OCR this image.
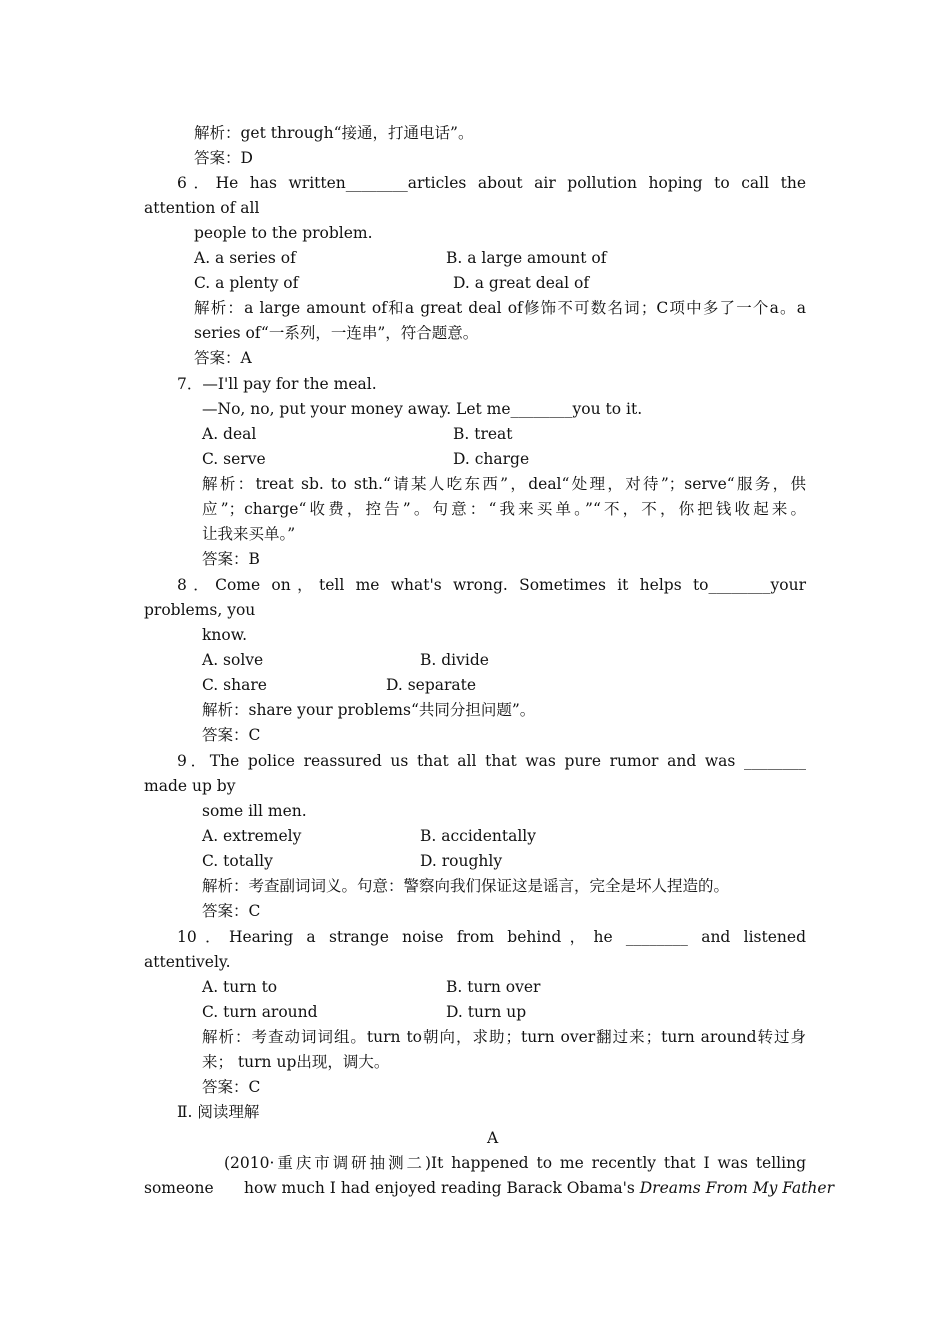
解析：get through“接通，打通电话”。
答案：D
6．He has written________articles about air pollution hoping to call the
attention of all
people to the problem.
A. a series of	B. a large amount of
C. a plenty of	D. a great deal of
解析：a large amount of和a great deal of修饰不可数名词；C项中多了一个a。a
series of“一系列，一连串”，符合题意。
答案：A
7．—I'll pay for the meal.
—No, no, put your money away. Let me________you to it.
A. deal	B. treat
C. serve	D. charge
解析：treat sb. to sth.“请某人吃东西”，deal“处理，对待”；serve“服务，供
应”；charge“收费，控告”。句意：“我来买单。”“不，不，你把钱收起来。
让我来买单。”
答案：B
8．Come on，tell me what's wrong. Sometimes it helps to________your
problems, you
know.
A. solve	B. divide
C. share	D. separate
解析：share your problems“共同分担问题”。
答案：C
9．The police reassured us that all that was pure rumor and was ________
made up by
some ill men.
A. extremely	B. accidentally
C. totally	D. roughly
解析：考查副词词义。句意：警察向我们保证这是谣言，完全是坏人捏造的。
答案：C
10．Hearing a strange noise from behind，he ________ and listened
attentively.
A. turn to	B. turn over
C. turn around	D. turn up
解析：考查动词词组。turn to朝向，求助；turn over翻过来；turn around转过身
来； turn up出现，调大。
答案：C
Ⅱ. 阅读理解
A
(2010·重庆市调研抽测二)It happened to me recently that I was telling
someone how much I had enjoyed reading Barack Obama's Dreams From My Father
